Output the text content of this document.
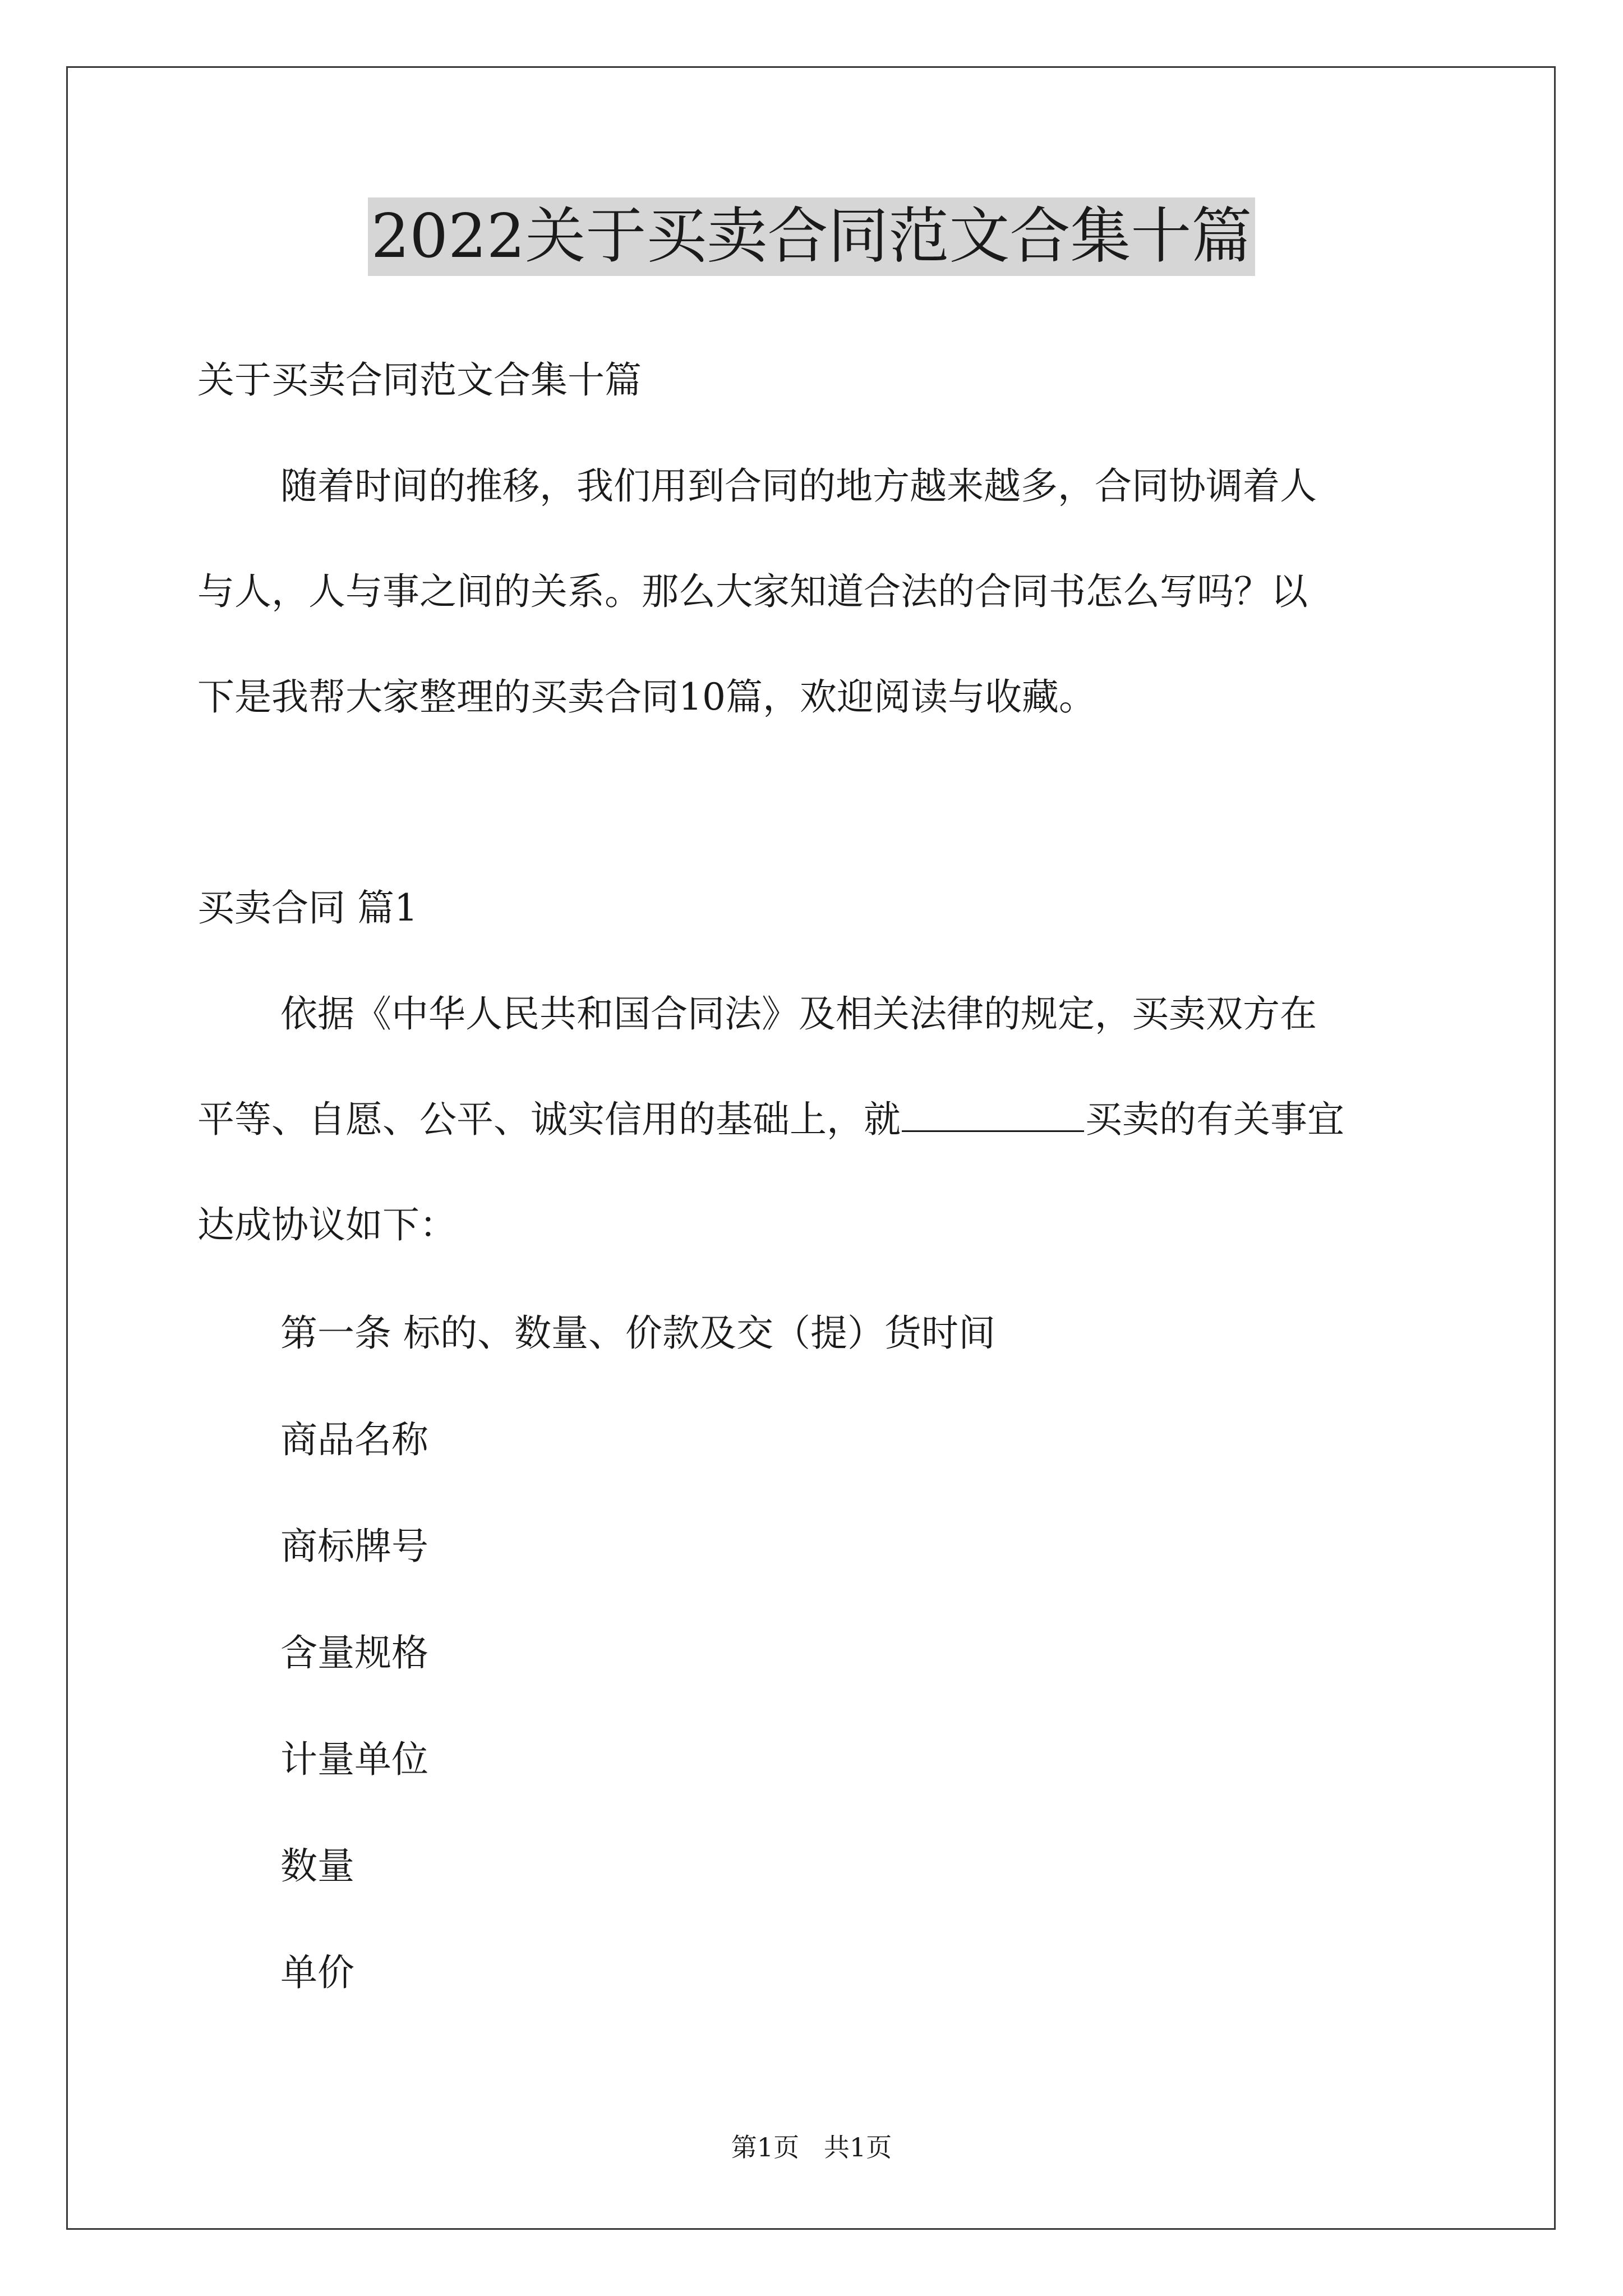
2022关于买卖合同范文合集十篇
关于买卖合同范文合集十篇
随着时间的推移，我们用到合同的地方越来越多，合同协调着人
与人，人与事之间的关系。那么大家知道合法的合同书怎么写吗？以
下是我帮大家整理的买卖合同10篇，欢迎阅读与收藏。
买卖合同 篇1
依据《中华人民共和国合同法》及相关法律的规定，买卖双方在
平等、自愿、公平、诚实信用的基础上，就	买卖的有关事宜
达成协议如下：
第一条 标的、数量、价款及交（提）货时间
商品名称
商标牌号
含量规格
计量单位
数量
单价
第1页   共1页
